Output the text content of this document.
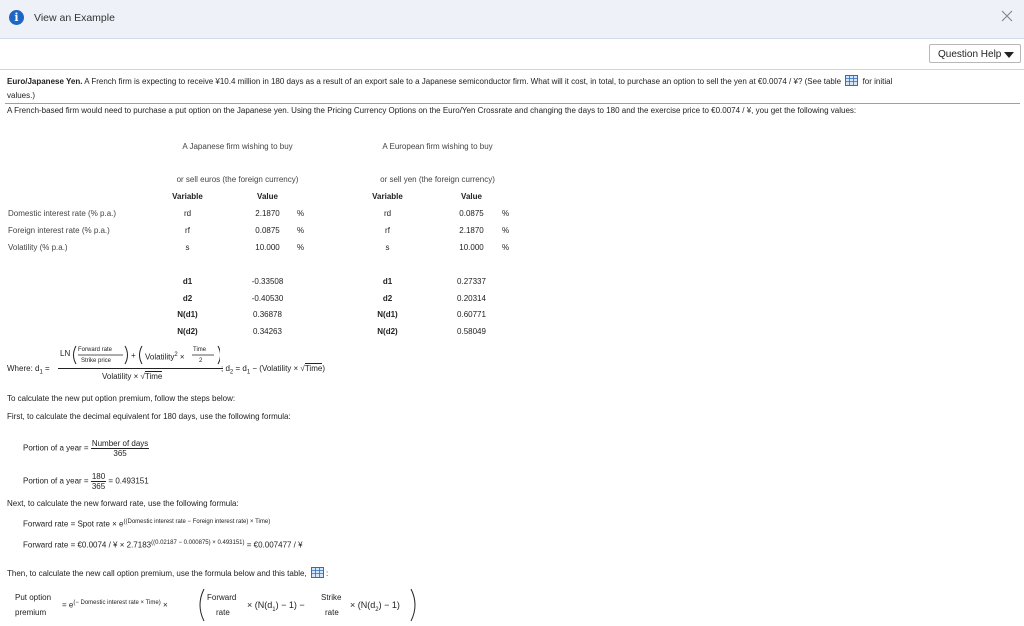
i	View an Example
Question Help
Euro/Japanese Yen. A French firm is expecting to receive ¥10.4 million in 180 days as a result of an export sale to a Japanese semiconductor firm. What will it cost, in total, to purchase an option to sell the yen at €0.0074 / ¥? (See table	for initial
values.)
A French-based firm would need to purchase a put option on the Japanese yen. Using the Pricing Currency Options on the Euro/Yen Crossrate and changing the days to 180 and the exercise price to €0.0074 / ¥, you get the following values:
A Japanese firm wishing to buy
or sell euros (the foreign currency)
A European firm wishing to buy
or sell yen (the foreign currency)
Variable	Value	Variable	Value
Domestic interest rate (% p.a.)	rd	2.1870	%	rd	0.0875	%
Foreign interest rate (% p.a.)	rf	0.0875	%	rf	2.1870	%
Volatility (% p.a.)	s	10.000	%	s	10.000	%
d1	-0.33508	d1	0.27337
d2	-0.40530	d2	0.20314
N(d1)	0.36878	N(d1)	0.60771
N(d2)	0.34263	N(d2)	0.58049
Where: $d_1$ =
LN Forward rate
Strike price
+ Volatility$^2$ ×
Time
2
Volatility × √Time
; $d_2 = d_1$ − (Volatility × √Time)
To calculate the new put option premium, follow the steps below:
First, to calculate the decimal equivalent for 180 days, use the following formula:
Portion of a year = $\frac{\text{Number of days}}{365}$
Portion of a year = $\frac{180}{365} = 0.493151$
Next, to calculate the new forward rate, use the following formula:
Forward rate = Spot rate × $e^{((Domestic interest rate - Foreign interest rate) \times Time)}$
Forward rate = €0.0074 / ¥ × $2.7183^{((0.02187 - 0.000875) \times 0.493151)}$ = €0.007477 / ¥
Then, to calculate the new call option premium, use the formula below and this table, :
Put option
premium
= $e^{(- Domestic interest rate \times Time)}$ ×
Forward
rate
× $(N(d_1) - 1)$ −
Strike
rate
× $(N(d_2) - 1)$
